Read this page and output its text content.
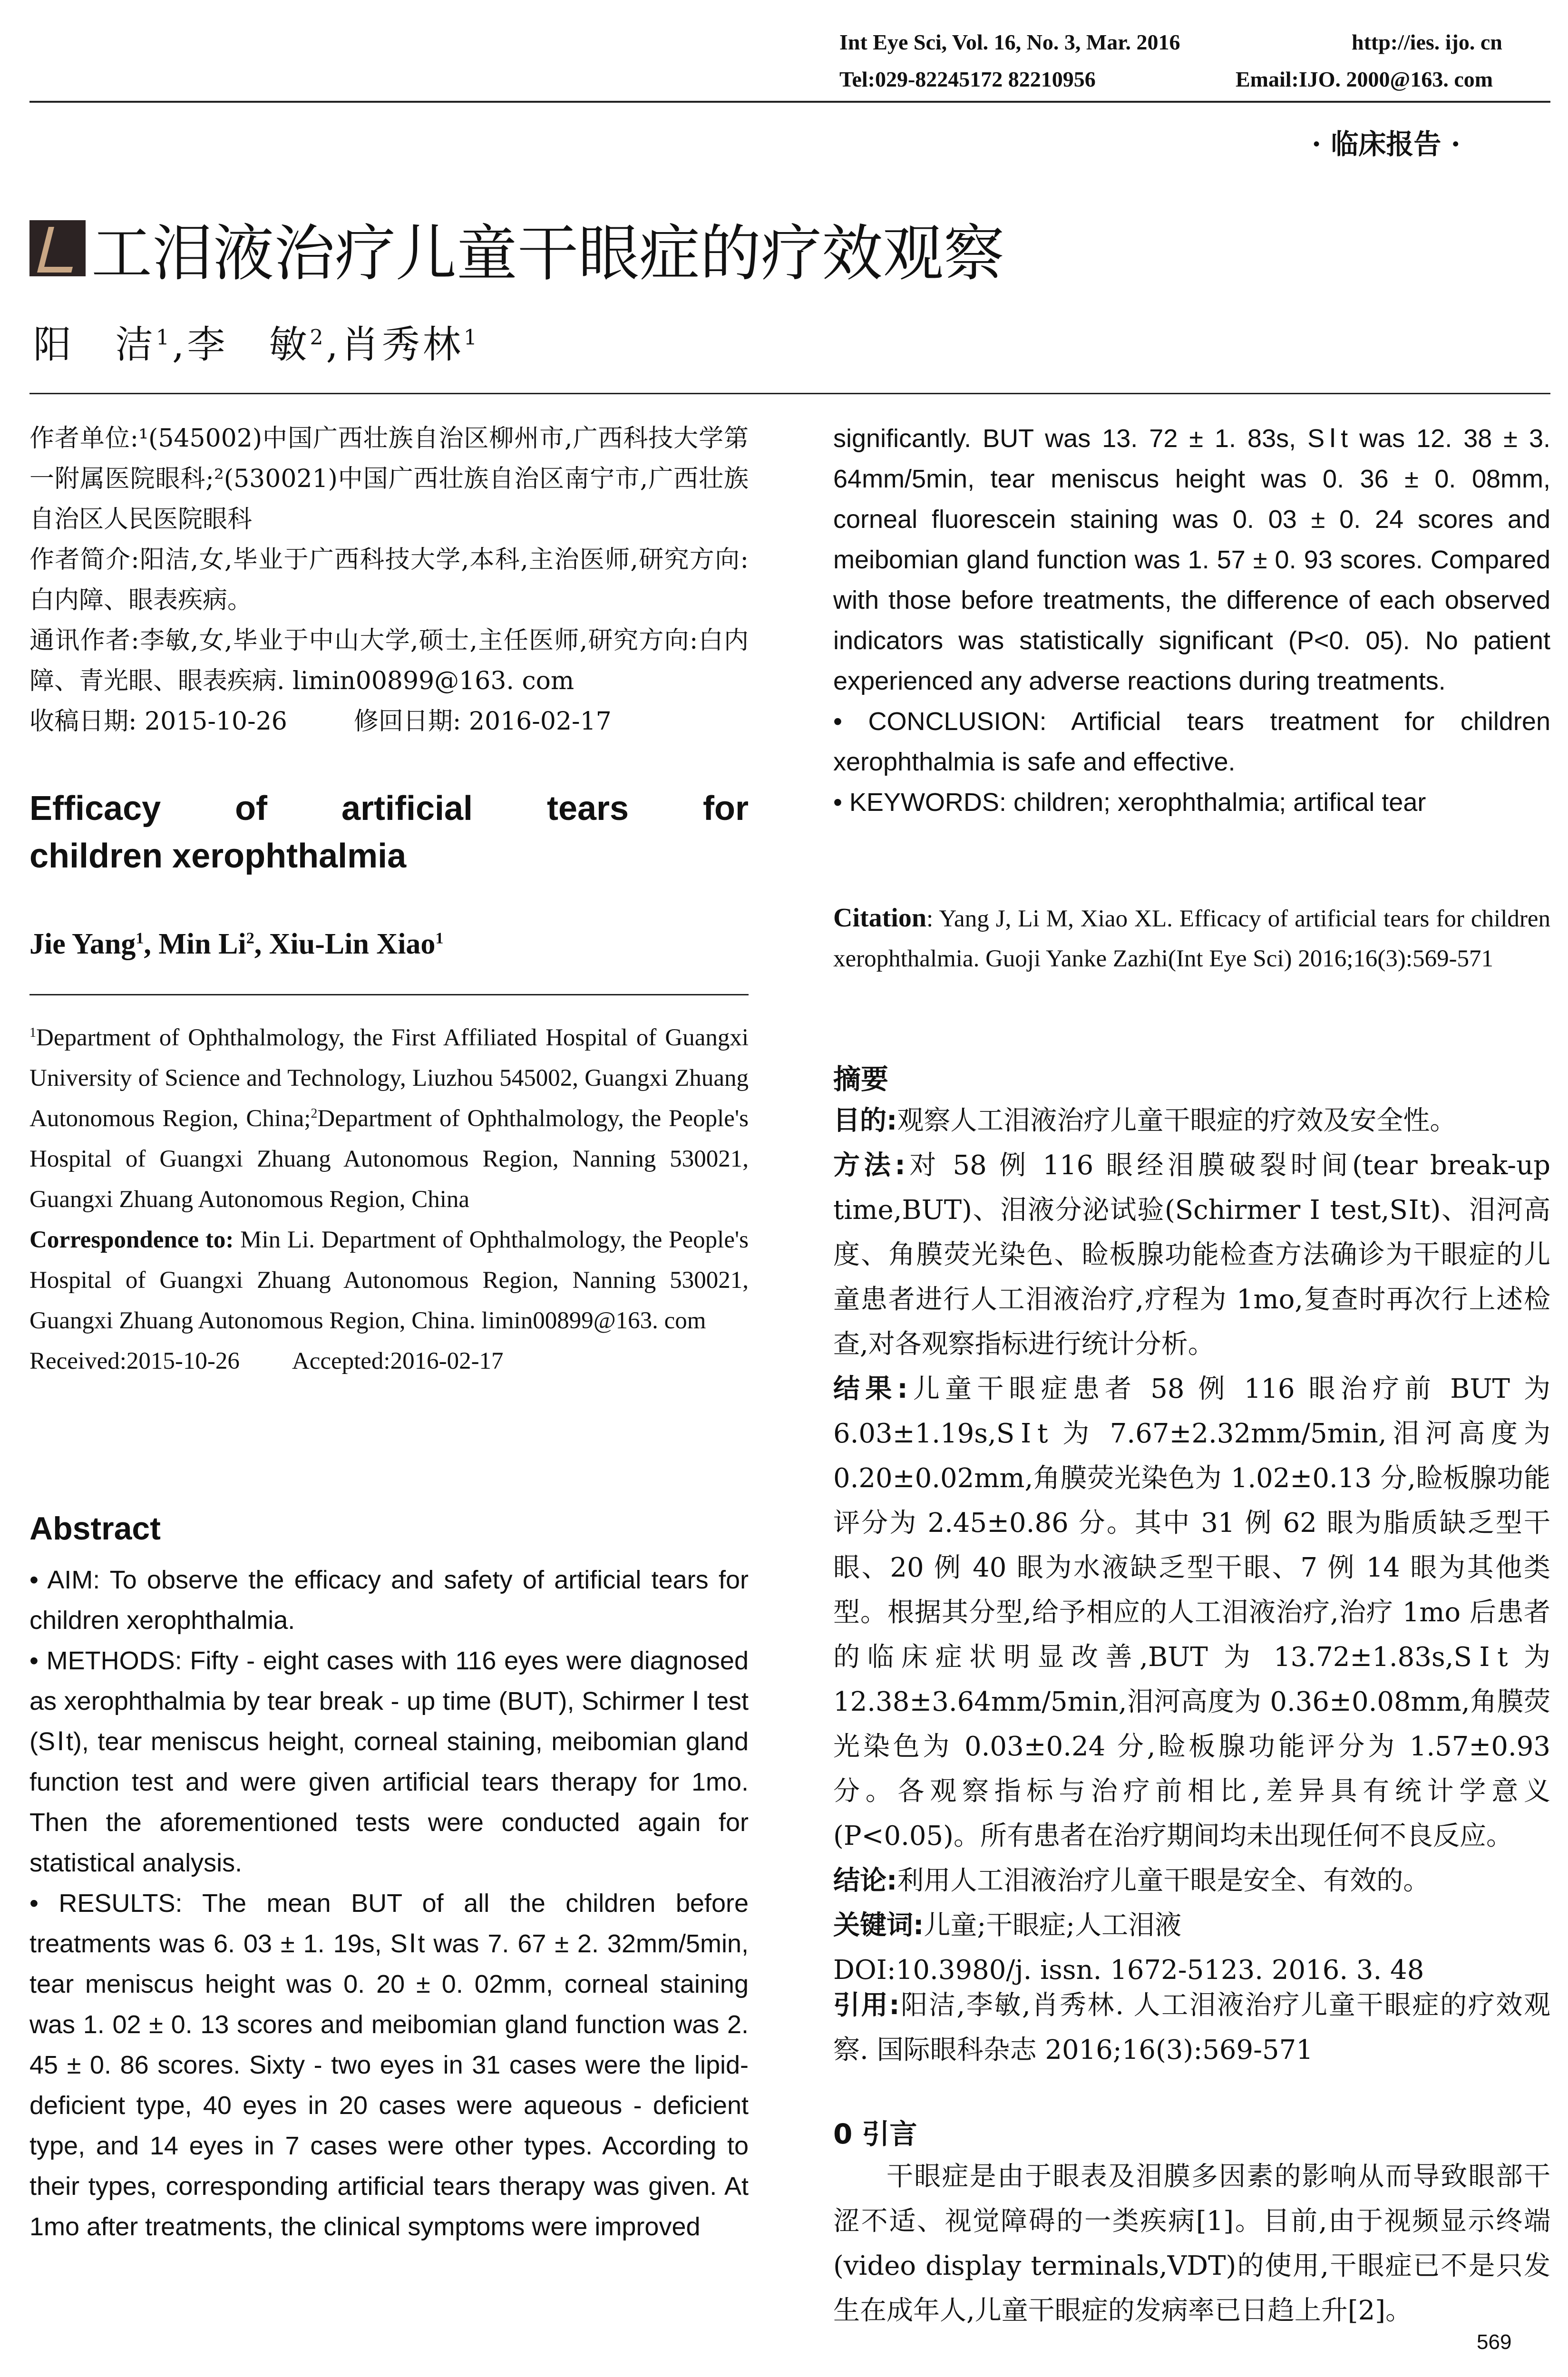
Int Eye Sci, Vol. 16, No. 3, Mar. 2016	http://ies. ijo. cn
Tel:029-82245172 82210956	Email:IJO. 2000@163. com
· 临床报告 ·
工泪液治疗儿童干眼症的疗效观察
阳　洁$^1$,李　敏$^2$,肖秀林$^1$

作者单位:¹(545002)中国广西壮族自治区柳州市,广西科技大学第一附属医院眼科;²(530021)中国广西壮族自治区南宁市,广西壮族自治区人民医院眼科

作者简介:阳洁,女,毕业于广西科技大学,本科,主治医师,研究方向:白内障、眼表疾病。

通讯作者:李敏,女,毕业于中山大学,硕士,主任医师,研究方向:白内障、青光眼、眼表疾病. limin00899@163. com

收稿日期: 2015-10-26	修回日期: 2016-02-17

Efficacy of artificial tears for
children xerophthalmia
Jie Yang$^1$, Min Li$^2$, Xiu-Lin Xiao$^1$

$^1$Department of Ophthalmology, the First Affiliated Hospital of Guangxi University of Science and Technology, Liuzhou 545002, Guangxi Zhuang Autonomous Region, China;$^2$Department of Ophthalmology, the People's Hospital of Guangxi Zhuang Autonomous Region, Nanning 530021, Guangxi Zhuang Autonomous Region, China

Correspondence to: Min Li. Department of Ophthalmology, the People's Hospital of Guangxi Zhuang Autonomous Region, Nanning 530021, Guangxi Zhuang Autonomous Region, China. limin00899@163. com

Received:2015-10-26 Accepted:2016-02-17

Abstract

• AIM: To observe the efficacy and safety of artificial tears for children xerophthalmia.

• METHODS: Fifty - eight cases with 116 eyes were diagnosed as xerophthalmia by tear break - up time (BUT), Schirmer Ⅰ test (SⅠt), tear meniscus height, corneal staining, meibomian gland function test and were given artificial tears therapy for 1mo. Then the aforementioned tests were conducted again for statistical analysis.

• RESULTS: The mean BUT of all the children before treatments was 6. 03 ± 1. 19s, SⅠt was 7. 67 ± 2. 32mm/5min, tear meniscus height was 0. 20 ± 0. 02mm, corneal staining was 1. 02 ± 0. 13 scores and meibomian gland function was 2. 45 ± 0. 86 scores. Sixty - two eyes in 31 cases were the lipid-deficient type, 40 eyes in 20 cases were aqueous - deficient type, and 14 eyes in 7 cases were other types. According to their types, corresponding artificial tears therapy was given. At 1mo after treatments, the clinical symptoms were improved

significantly. BUT was 13. 72 ± 1. 83s, SⅠt was 12. 38 ± 3. 64mm/5min, tear meniscus height was 0. 36 ± 0. 08mm, corneal fluorescein staining was 0. 03 ± 0. 24 scores and meibomian gland function was 1. 57 ± 0. 93 scores. Compared with those before treatments, the difference of each observed indicators was statistically significant (P<0. 05). No patient experienced any adverse reactions during treatments.

• CONCLUSION: Artificial tears treatment for children xerophthalmia is safe and effective.

• KEYWORDS: children; xerophthalmia; artifical tear

Citation: Yang J, Li M, Xiao XL. Efficacy of artificial tears for children xerophthalmia. Guoji Yanke Zazhi(Int Eye Sci) 2016;16(3):569-571
摘要

目的:观察人工泪液治疗儿童干眼症的疗效及安全性。

方法:对 58 例 116 眼经泪膜破裂时间(tear break-up time,BUT)、泪液分泌试验(Schirmer Ⅰ test,SⅠt)、泪河高度、角膜荧光染色、睑板腺功能检查方法确诊为干眼症的儿童患者进行人工泪液治疗,疗程为 1mo,复查时再次行上述检查,对各观察指标进行统计分析。

结果:儿童干眼症患者 58 例 116 眼治疗前 BUT 为 6.03±1.19s,SⅠt 为 7.67±2.32mm/5min,泪河高度为 0.20±0.02mm,角膜荧光染色为 1.02±0.13 分,睑板腺功能评分为 2.45±0.86 分。其中 31 例 62 眼为脂质缺乏型干眼、20 例 40 眼为水液缺乏型干眼、7 例 14 眼为其他类型。根据其分型,给予相应的人工泪液治疗,治疗 1mo 后患者的临床症状明显改善,BUT 为 13.72±1.83s,SⅠt 为 12.38±3.64mm/5min,泪河高度为 0.36±0.08mm,角膜荧光染色为 0.03±0.24 分,睑板腺功能评分为 1.57±0.93 分。各观察指标与治疗前相比,差异具有统计学意义(P<0.05)。所有患者在治疗期间均未出现任何不良反应。

结论:利用人工泪液治疗儿童干眼是安全、有效的。

关键词:儿童;干眼症;人工泪液

DOI:10.3980/j. issn. 1672-5123. 2016. 3. 48

引用:阳洁,李敏,肖秀林. 人工泪液治疗儿童干眼症的疗效观察. 国际眼科杂志 2016;16(3):569-571

0 引言

干眼症是由于眼表及泪膜多因素的影响从而导致眼部干涩不适、视觉障碍的一类疾病[1]。目前,由于视频显示终端(video display terminals,VDT)的使用,干眼症已不是只发生在成年人,儿童干眼症的发病率已日趋上升[2]。

569
